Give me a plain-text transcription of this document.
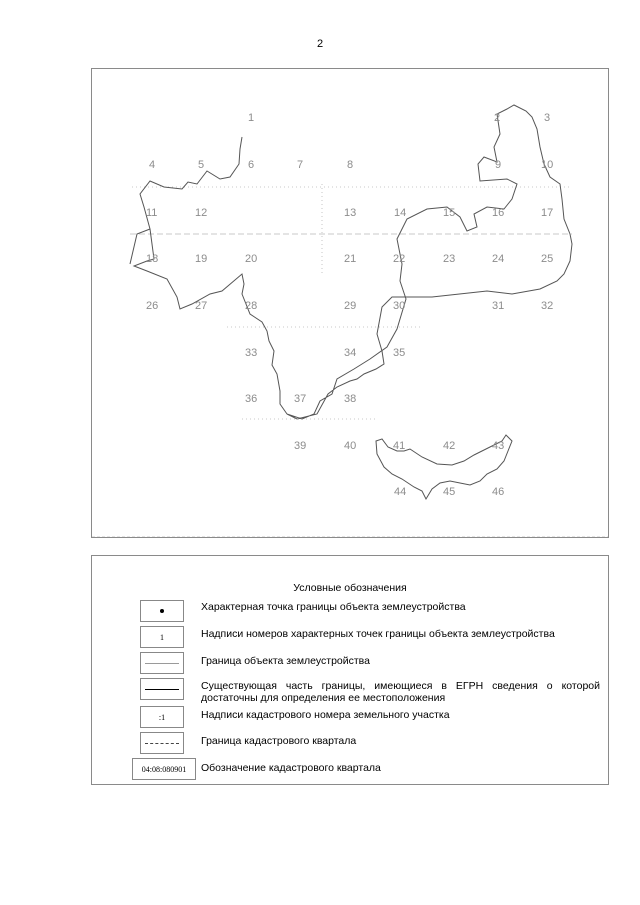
2
1	2	3
4	5	6	7	8	9	10
11	12	13	14	15	16	17
18	19	20	21	22	23	24	25
26	27	28	29	30	31	32
33	34	35
36	37	38
39	40	41	42	43
44	45	46
Условные обозначения
Характерная точка границы объекта землеустройства
1	Надписи номеров характерных точек границы объекта землеустройства
Граница объекта землеустройства
Существующая часть границы, имеющиеся в ЕГРН сведения о которой достаточны для определения ее местоположения
:1	Надписи кадастрового номера земельного участка
Граница кадастрового квартала
04:08:080901	Обозначение кадастрового квартала
